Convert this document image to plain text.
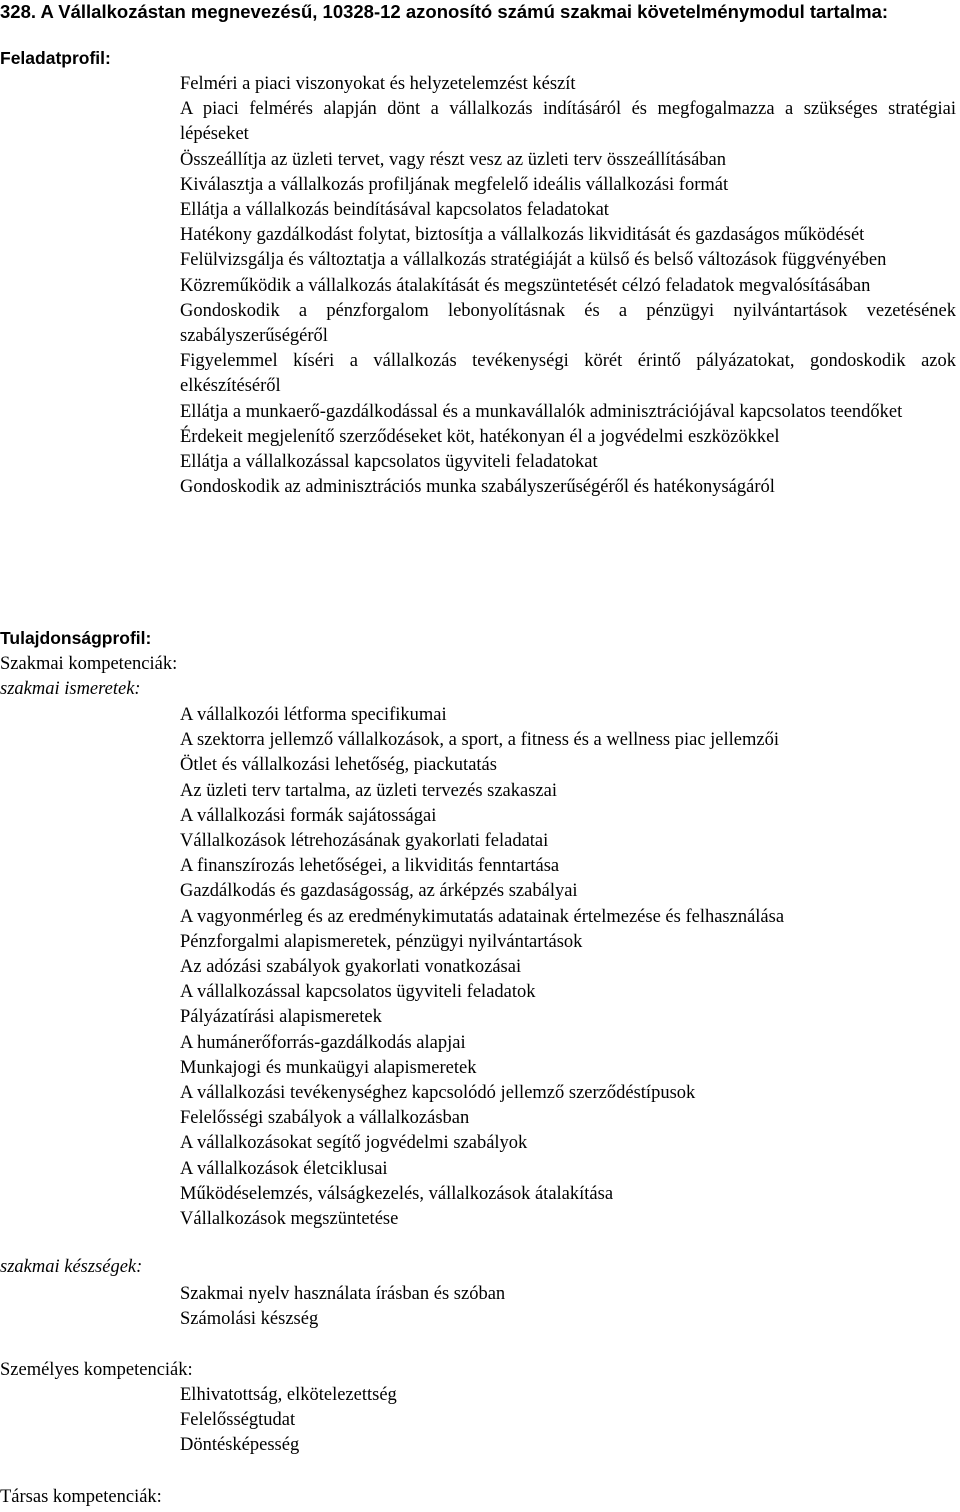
328. A Vállalkozástan megnevezésű, 10328-12 azonosító számú szakmai követelménymodul tartalma:
Feladatprofil:
Felméri a piaci viszonyokat és helyzetelemzést készít
A piaci felmérés alapján dönt a vállalkozás indításáról és megfogalmazza a szükséges stratégiai lépéseket
Összeállítja az üzleti tervet, vagy részt vesz az üzleti terv összeállításában
Kiválasztja a vállalkozás profiljának megfelelő ideális vállalkozási formát
Ellátja a vállalkozás beindításával kapcsolatos feladatokat
Hatékony gazdálkodást folytat, biztosítja a vállalkozás likviditását és gazdaságos működését
Felülvizsgálja és változtatja a vállalkozás stratégiáját a külső és belső változások függvényében
Közreműködik a vállalkozás átalakítását és megszüntetését célzó feladatok megvalósításában
Gondoskodik a pénzforgalom lebonyolításnak és a pénzügyi nyilvántartások vezetésének szabályszerűségéről
Figyelemmel kíséri a vállalkozás tevékenységi körét érintő pályázatokat, gondoskodik azok elkészítéséről
Ellátja a munkaerő-gazdálkodással és a munkavállalók adminisztrációjával kapcsolatos teendőket
Érdekeit megjelenítő szerződéseket köt, hatékonyan él a jogvédelmi eszközökkel
Ellátja a vállalkozással kapcsolatos ügyviteli feladatokat
Gondoskodik az adminisztrációs munka szabályszerűségéről és hatékonyságáról
Tulajdonságprofil:
Szakmai kompetenciák:
szakmai ismeretek:
A vállalkozói létforma specifikumai
A szektorra jellemző vállalkozások, a sport, a fitness és a wellness piac jellemzői
Ötlet és vállalkozási lehetőség, piackutatás
Az üzleti terv tartalma, az üzleti tervezés szakaszai
A vállalkozási formák sajátosságai
Vállalkozások létrehozásának gyakorlati feladatai
A finanszírozás lehetőségei, a likviditás fenntartása
Gazdálkodás és gazdaságosság, az árképzés szabályai
A vagyonmérleg és az eredménykimutatás adatainak értelmezése és felhasználása
Pénzforgalmi alapismeretek, pénzügyi nyilvántartások
Az adózási szabályok gyakorlati vonatkozásai
A vállalkozással kapcsolatos ügyviteli feladatok
Pályázatírási alapismeretek
A humánerőforrás-gazdálkodás alapjai
Munkajogi és munkaügyi alapismeretek
A vállalkozási tevékenységhez kapcsolódó jellemző szerződéstípusok
Felelősségi szabályok a vállalkozásban
A vállalkozásokat segítő jogvédelmi szabályok
A vállalkozások életciklusai
Működéselemzés, válságkezelés, vállalkozások átalakítása
Vállalkozások megszüntetése
szakmai készségek:
Szakmai nyelv használata írásban és szóban
Számolási készség
Személyes kompetenciák:
Elhivatottság, elkötelezettség
Felelősségtudat
Döntésképesség
Társas kompetenciák:
